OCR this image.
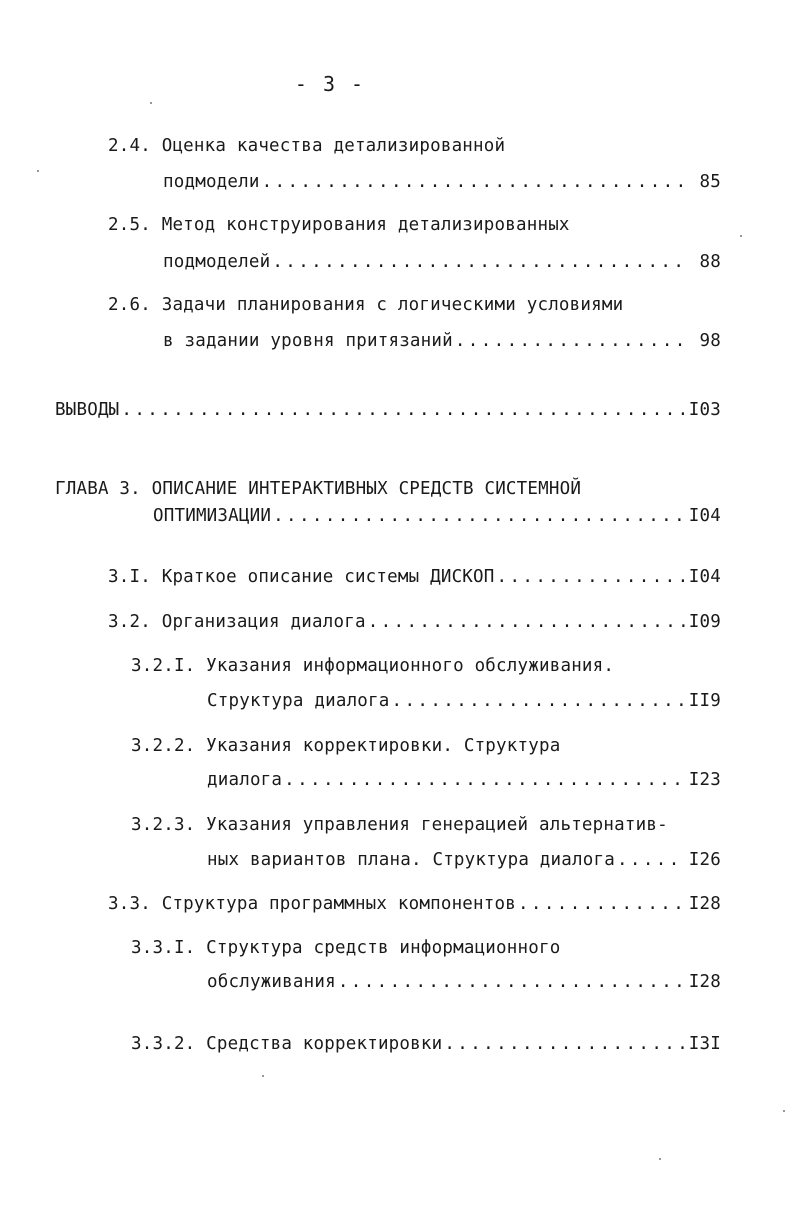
- 3 -
2.4. Оценка качества детализированной
подмодели .....	85
2.5. Метод конструирования детализированных
подмоделей .....	88
2.6. Задачи планирования с логическими условиями
в задании уровня притязаний .....	98
ВЫВОДЫ .....	I03
ГЛАВА 3. ОПИСАНИЕ ИНТЕРАКТИВНЫХ СРЕДСТВ СИСТЕМНОЙ
ОПТИМИЗАЦИИ .....	I04
3.I. Краткое описание системы ДИСКОП .....	I04
3.2. Организация диалога .....	I09
3.2.I. Указания информационного обслуживания.
Структура диалога .....	II9
3.2.2. Указания корректировки. Структура
диалога .....	I23
3.2.3. Указания управления генерацией альтернатив-
ных вариантов плана. Структура диалога .....	I26
3.3. Структура программных компонентов .....	I28
3.3.I. Структура средств информационного
обслуживания .....	I28
3.3.2. Средства корректировки .....	I3I
